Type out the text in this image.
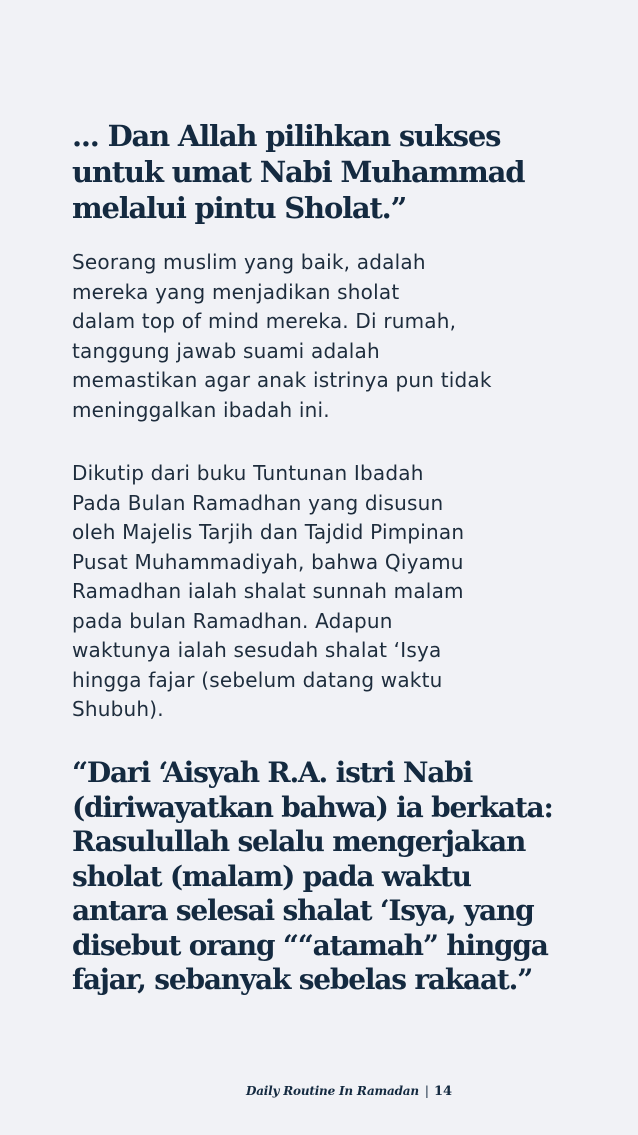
... Dan Allah pilihkan sukses
untuk umat Nabi Muhammad
melalui pintu Sholat.”

Seorang muslim yang baik, adalah
mereka yang menjadikan sholat
dalam top of mind mereka. Di rumah,
tanggung jawab suami adalah
memastikan agar anak istrinya pun tidak
meninggalkan ibadah ini.

Dikutip dari buku Tuntunan Ibadah
Pada Bulan Ramadhan yang disusun
oleh Majelis Tarjih dan Tajdid Pimpinan
Pusat Muhammadiyah, bahwa Qiyamu
Ramadhan ialah shalat sunnah malam
pada bulan Ramadhan. Adapun
waktunya ialah sesudah shalat ‘Isya
hingga fajar (sebelum datang waktu
Shubuh).

“Dari ‘Aisyah R.A. istri Nabi
(diriwayatkan bahwa) ia berkata:
Rasulullah selalu mengerjakan
sholat (malam) pada waktu
antara selesai shalat ‘Isya, yang
disebut orang ““atamah” hingga
fajar, sebanyak sebelas rakaat.”
Daily Routine In Ramadan | 14
